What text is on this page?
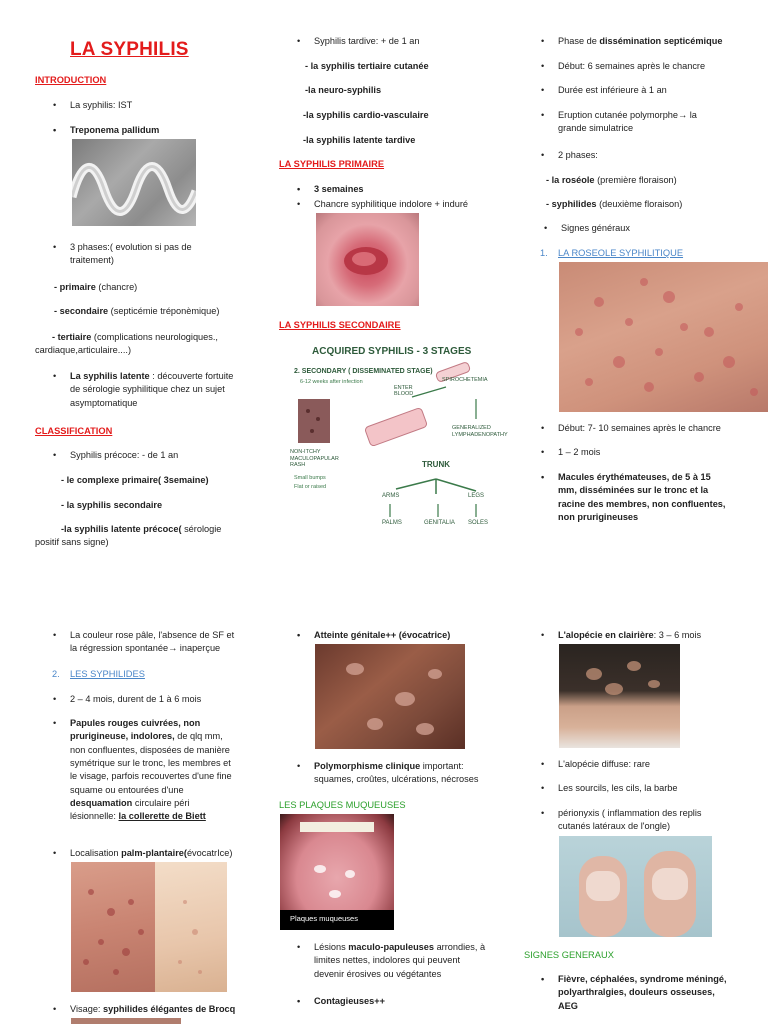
LA SYPHILIS
INTRODUCTION
• La syphilis: IST
• Treponema pallidum
• 3 phases:( evolution si pas de
traitement)
- primaire (chancre)
- secondaire (septicémie tréponèmique)
- tertiaire (complications neurologiques.,
cardiaque,articulaire....)
• La syphilis latente : découverte fortuite
de sérologie syphilitique chez un sujet
asymptomatique
CLASSIFICATION
• Syphilis précoce: - de 1 an
- le complexe primaire( 3semaine)
- la syphilis secondaire
-la syphilis latente précoce( sérologie
positif sans signe)
• Syphilis tardive: + de 1 an
- la syphilis tertiaire cutanée
-la neuro-syphilis
-la syphilis cardio-vasculaire
-la syphilis latente tardive
LA SYPHILIS PRIMAIRE
• 3 semaines
• Chancre syphilitique indolore + induré
LA SYPHILIS SECONDAIRE
ACQUIRED SYPHILIS - 3 STAGES
2. SECONDARY ( DISSEMINATED STAGE)
6-12 weeks after infection
ENTER BLOOD
SPIROCHETEMIA
GENERALIZED LYMPHADENOPATHY
TRUNK
NON-ITCHY MACULOPAPULAR RASH
Small bumps
Flat or raised
ARMS	LEGS
PALMS	GENITALIA SOLES
• Phase de dissémination septicémique
• Début: 6 semaines après le chancre
• Durée est inférieure à 1 an
• Eruption cutanée polymorphe→ la
grande simulatrice
• 2 phases:
- la roséole (première floraison)
- syphilides (deuxième floraison)
• Signes généraux
1. LA ROSEOLE SYPHILITIQUE
• Début: 7- 10 semaines après le chancre
• 1 – 2 mois
• Macules érythémateuses, de 5 à 15
mm, disséminées sur le tronc et la
racine des membres, non confluentes,
non prurigineuses
• La couleur rose pâle, l'absence de SF et
la régression spontanée→ inaperçue
2. LES SYPHILIDES
• 2 – 4 mois, durent de 1 à 6 mois
• Papules rouges cuivrées, non
prurigineuse, indolores, de qlq mm,
non confluentes, disposées de manière
symétrique sur le tronc, les membres et
le visage, parfois recouvertes d'une fine
squame ou entourées d'une
desquamation circulaire péri
lésionnelle: la collerette de Biett
• Localisation palm-plantaire(évocatrIce)
• Visage: syphilides élégantes de Brocq
• Atteinte génitale++ (évocatrice)
• Polymorphisme clinique important:
squames, croûtes, ulcérations, nécroses
LES PLAQUES MUQUEUSES
Plaques muqueuses
• Lésions maculo-papuleuses arrondies, à
limites nettes, indolores qui peuvent
devenir érosives ou végétantes
• Contagieuses++
• L'alopécie en clairière: 3 – 6 mois
• L'alopécie diffuse: rare
• Les sourcils, les cils, la barbe
• périonyxis ( inflammation des replis
cutanés latéraux de l'ongle)
SIGNES GENERAUX
• Fièvre, céphalées, syndrome méningé,
polyarthralgies, douleurs osseuses,
AEG
